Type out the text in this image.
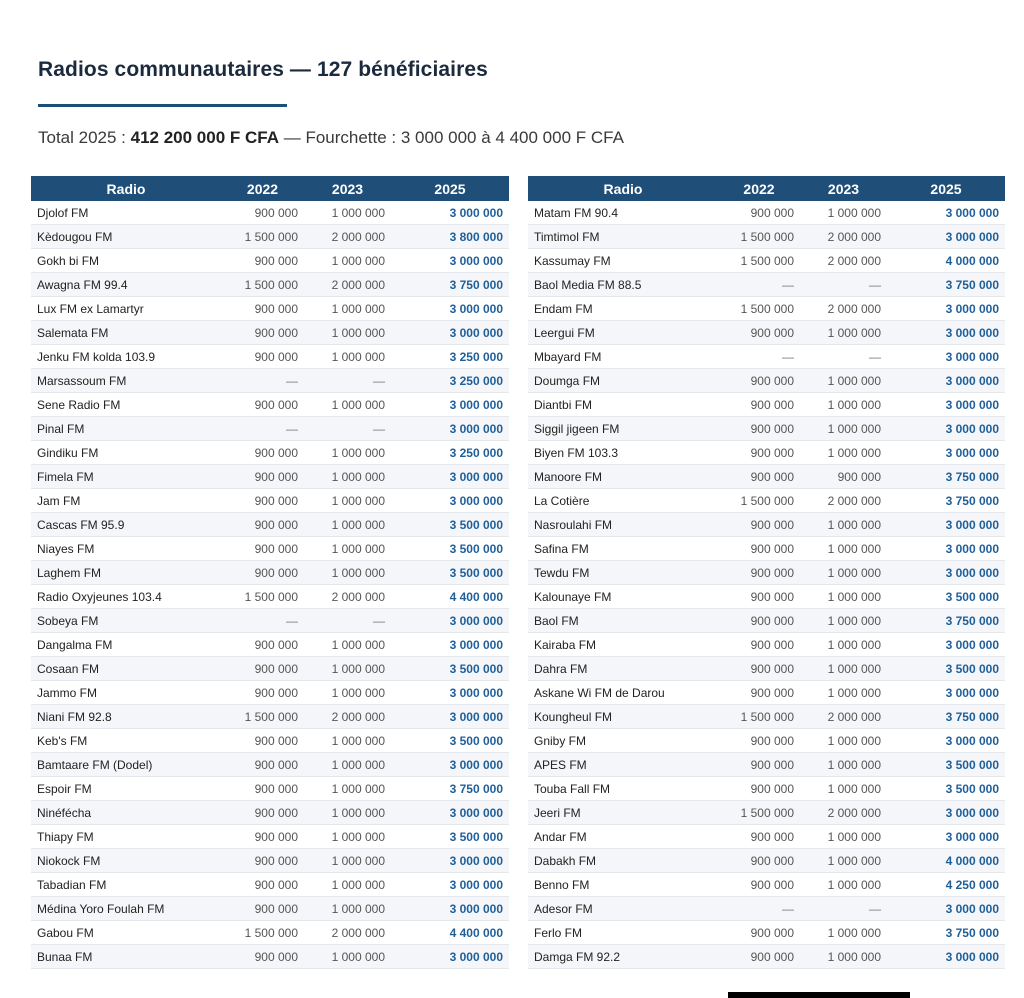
Radios communautaires — 127 bénéficiaires
Total 2025 : 412 200 000 F CFA — Fourchette : 3 000 000 à 4 400 000 F CFA
Radio	2022	2023	2025
Djolof FM	900 000	1 000 000	3 000 000
Kèdougou FM	1 500 000	2 000 000	3 800 000
Gokh bi FM	900 000	1 000 000	3 000 000
Awagna FM 99.4	1 500 000	2 000 000	3 750 000
Lux FM ex Lamartyr	900 000	1 000 000	3 000 000
Salemata FM	900 000	1 000 000	3 000 000
Jenku FM kolda 103.9	900 000	1 000 000	3 250 000
Marsassoum FM	—	—	3 250 000
Sene Radio FM	900 000	1 000 000	3 000 000
Pinal FM	—	—	3 000 000
Gindiku FM	900 000	1 000 000	3 250 000
Fimela FM	900 000	1 000 000	3 000 000
Jam FM	900 000	1 000 000	3 000 000
Cascas FM 95.9	900 000	1 000 000	3 500 000
Niayes FM	900 000	1 000 000	3 500 000
Laghem FM	900 000	1 000 000	3 500 000
Radio Oxyjeunes 103.4	1 500 000	2 000 000	4 400 000
Sobeya FM	—	—	3 000 000
Dangalma FM	900 000	1 000 000	3 000 000
Cosaan FM	900 000	1 000 000	3 500 000
Jammo FM	900 000	1 000 000	3 000 000
Niani FM 92.8	1 500 000	2 000 000	3 000 000
Keb's FM	900 000	1 000 000	3 500 000
Bamtaare FM (Dodel)	900 000	1 000 000	3 000 000
Espoir FM	900 000	1 000 000	3 750 000
Ninéfécha	900 000	1 000 000	3 000 000
Thiapy FM	900 000	1 000 000	3 500 000
Niokock FM	900 000	1 000 000	3 000 000
Tabadian FM	900 000	1 000 000	3 000 000
Médina Yoro Foulah FM	900 000	1 000 000	3 000 000
Gabou FM	1 500 000	2 000 000	4 400 000
Bunaa FM	900 000	1 000 000	3 000 000
Radio	2022	2023	2025
Matam FM 90.4	900 000	1 000 000	3 000 000
Timtimol FM	1 500 000	2 000 000	3 000 000
Kassumay FM	1 500 000	2 000 000	4 000 000
Baol Media FM 88.5	—	—	3 750 000
Endam FM	1 500 000	2 000 000	3 000 000
Leergui FM	900 000	1 000 000	3 000 000
Mbayard FM	—	—	3 000 000
Doumga FM	900 000	1 000 000	3 000 000
Diantbi FM	900 000	1 000 000	3 000 000
Siggil jigeen FM	900 000	1 000 000	3 000 000
Biyen FM 103.3	900 000	1 000 000	3 000 000
Manoore FM	900 000	900 000	3 750 000
La Cotière	1 500 000	2 000 000	3 750 000
Nasroulahi FM	900 000	1 000 000	3 000 000
Safina FM	900 000	1 000 000	3 000 000
Tewdu FM	900 000	1 000 000	3 000 000
Kalounaye FM	900 000	1 000 000	3 500 000
Baol FM	900 000	1 000 000	3 750 000
Kairaba FM	900 000	1 000 000	3 000 000
Dahra FM	900 000	1 000 000	3 500 000
Askane Wi FM de Darou	900 000	1 000 000	3 000 000
Koungheul FM	1 500 000	2 000 000	3 750 000
Gniby FM	900 000	1 000 000	3 000 000
APES FM	900 000	1 000 000	3 500 000
Touba Fall FM	900 000	1 000 000	3 500 000
Jeeri FM	1 500 000	2 000 000	3 000 000
Andar FM	900 000	1 000 000	3 000 000
Dabakh FM	900 000	1 000 000	4 000 000
Benno FM	900 000	1 000 000	4 250 000
Adesor FM	—	—	3 000 000
Ferlo FM	900 000	1 000 000	3 750 000
Damga FM 92.2	900 000	1 000 000	3 000 000
